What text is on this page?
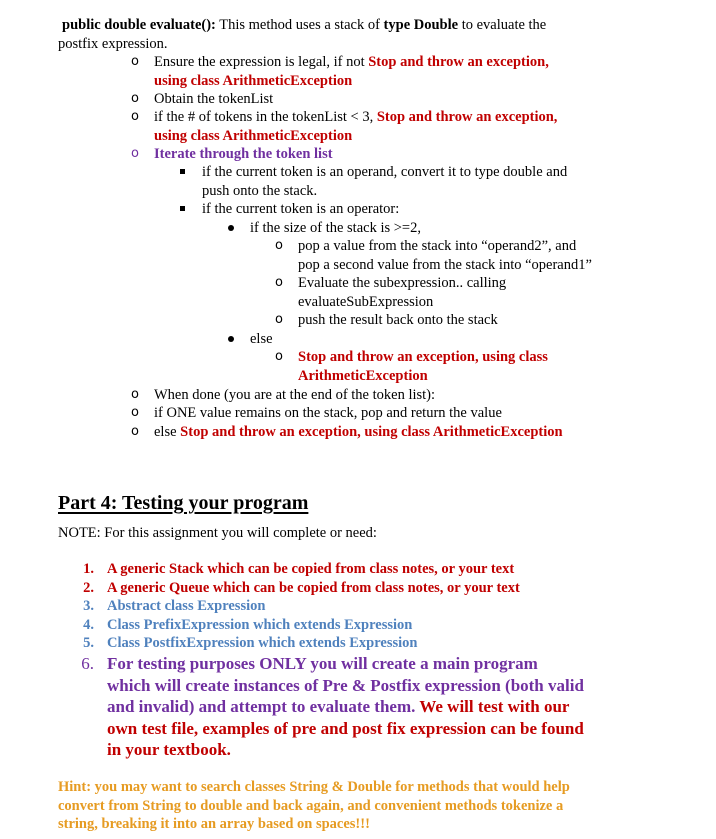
public double evaluate(): This method uses a stack of type Double to evaluate the
postfix expression.
o Ensure the expression is legal, if not Stop and throw an exception,
using class ArithmeticException
o Obtain the tokenList
o if the # of tokens in the tokenList < 3, Stop and throw an exception,
using class ArithmeticException
o Iterate through the token list
if the current token is an operand, convert it to type double and
push onto the stack.
if the current token is an operator:
if the size of the stack is >=2,
o pop a value from the stack into “operand2”, and
pop a second value from the stack into “operand1”
o Evaluate the subexpression.. calling
evaluateSubExpression
o push the result back onto the stack
else
o Stop and throw an exception, using class
ArithmeticException
o When done (you are at the end of the token list):
o if ONE value remains on the stack, pop and return the value
o else Stop and throw an exception, using class ArithmeticException
Part 4: Testing your program
NOTE: For this assignment you will complete or need:
1. A generic Stack which can be copied from class notes, or your text
2. A generic Queue which can be copied from class notes, or your text
3. Abstract class Expression
4. Class PrefixExpression which extends Expression
5. Class PostfixExpression which extends Expression
6. For testing purposes ONLY you will create a main program
which will create instances of Pre & Postfix expression (both valid
and invalid) and attempt to evaluate them. We will test with our
own test file, examples of pre and post fix expression can be found
in your textbook.
Hint: you may want to search classes String & Double for methods that would help
convert from String to double and back again, and convenient methods tokenize a
string, breaking it into an array based on spaces!!!
